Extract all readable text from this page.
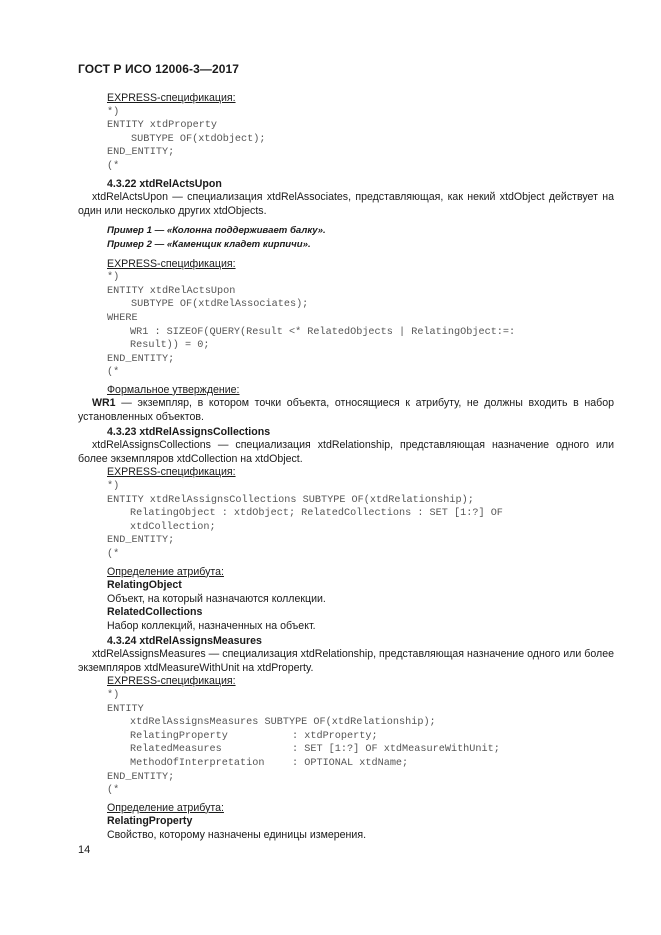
ГОСТ Р ИСО 12006-3—2017
EXPRESS-спецификация:
*)
ENTITY xtdProperty
SUBTYPE OF(xtdObject);
END_ENTITY;
(*
4.3.22 xtdRelActsUpon
xtdRelActsUpon — специализация xtdRelAssociates, представляющая, как некий xtdObject действует на один или несколько других xtdObjects.
Пример 1 — «Колонна поддерживает балку».
Пример 2 — «Каменщик кладет кирпичи».
EXPRESS-спецификация:
*)
ENTITY xtdRelActsUpon
SUBTYPE OF(xtdRelAssociates);
WHERE
WR1 : SIZEOF(QUERY(Result <* RelatedObjects | RelatingObject:=:
Result)) = 0;
END_ENTITY;
(*
Формальное утверждение:
WR1 — экземпляр, в котором точки объекта, относящиеся к атрибуту, не должны входить в набор установленных объектов.
4.3.23 xtdRelAssignsCollections
xtdRelAssignsCollections — специализация xtdRelationship, представляющая назначение одного или более экземпляров xtdCollection на xtdObject.
EXPRESS-спецификация:
*)
ENTITY xtdRelAssignsCollections SUBTYPE OF(xtdRelationship);
RelatingObject : xtdObject; RelatedCollections : SET [1:?] OF
xtdCollection;
END_ENTITY;
(*
Определение атрибута:
RelatingObject
Объект, на который назначаются коллекции.
RelatedCollections
Набор коллекций, назначенных на объект.
4.3.24 xtdRelAssignsMeasures
xtdRelAssignsMeasures — специализация xtdRelationship, представляющая назначение одного или более экземпляров xtdMeasureWithUnit на xtdProperty.
EXPRESS-спецификация:
*)
ENTITY
xtdRelAssignsMeasures SUBTYPE OF(xtdRelationship);
RelatingProperty	: xtdProperty;
RelatedMeasures	: SET [1:?] OF xtdMeasureWithUnit;
MethodOfInterpretation	: OPTIONAL xtdName;
END_ENTITY;
(*
Определение атрибута:
RelatingProperty
Свойство, которому назначены единицы измерения.
14
